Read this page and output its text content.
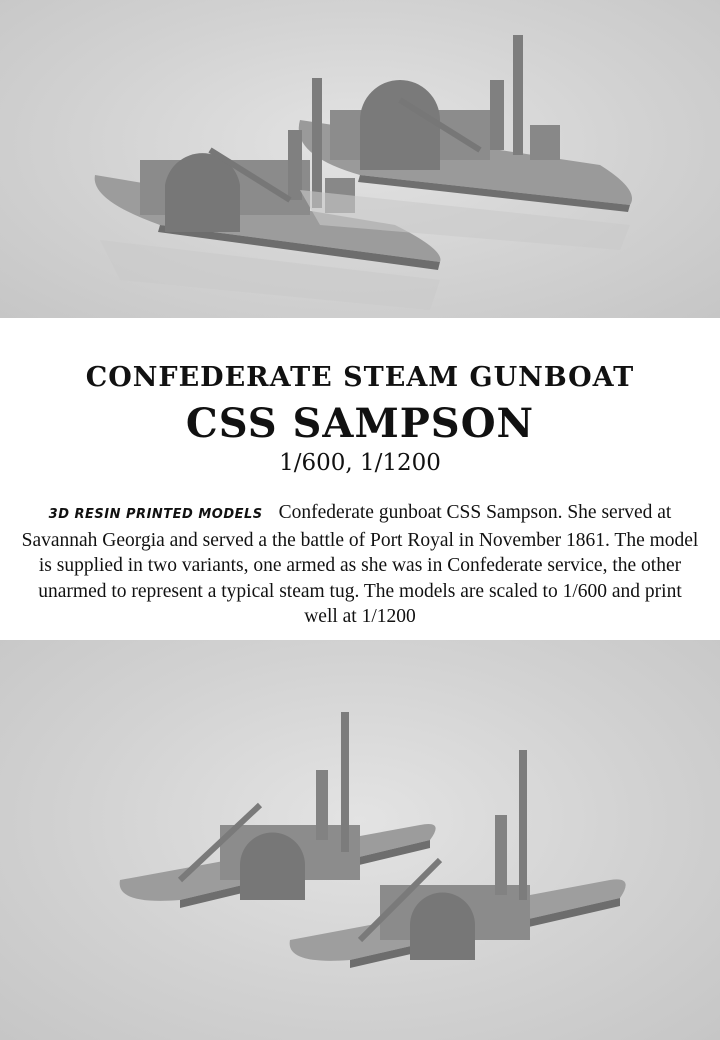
CONFEDERATE STEAM GUNBOAT
CSS SAMPSON
1/600, 1/1200
3D RESIN PRINTED MODELS Confederate gunboat CSS Sampson. She served at Savannah Georgia and served a the battle of Port Royal in November 1861. The model is supplied in two variants, one armed as she was in Confederate service, the other unarmed to represent a typical steam tug. The models are scaled to 1/600 and print well at 1/1200
